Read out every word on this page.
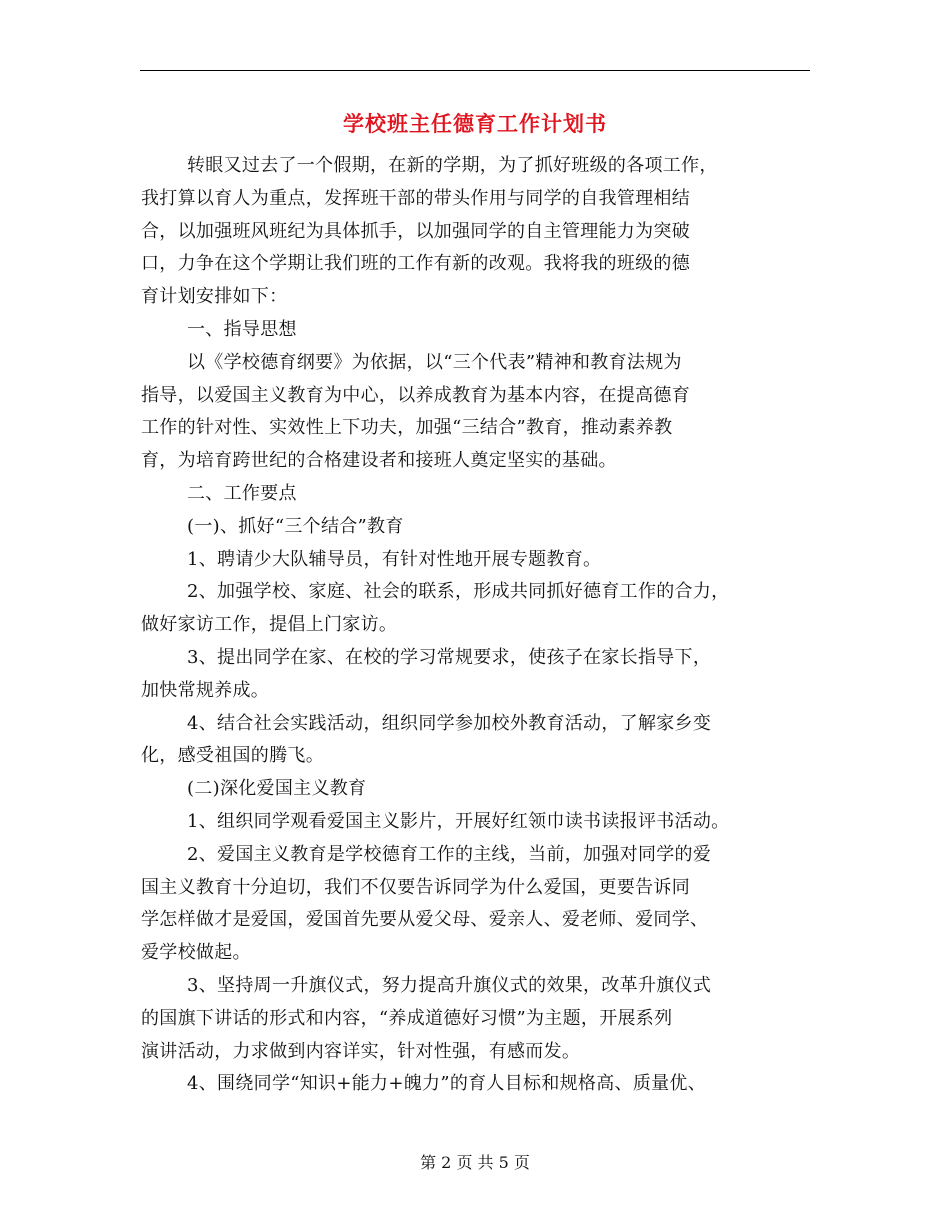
学校班主任德育工作计划书
转眼又过去了一个假期，在新的学期，为了抓好班级的各项工作，
我打算以育人为重点，发挥班干部的带头作用与同学的自我管理相结
合，以加强班风班纪为具体抓手，以加强同学的自主管理能力为突破
口，力争在这个学期让我们班的工作有新的改观。我将我的班级的德
育计划安排如下：
一、指导思想
以《学校德育纲要》为依据，以“三个代表”精神和教育法规为
指导，以爱国主义教育为中心，以养成教育为基本内容，在提高德育
工作的针对性、实效性上下功夫，加强“三结合”教育，推动素养教
育，为培育跨世纪的合格建设者和接班人奠定坚实的基础。
二、工作要点
(一)、抓好“三个结合”教育
1、聘请少大队辅导员，有针对性地开展专题教育。
2、加强学校、家庭、社会的联系，形成共同抓好德育工作的合力，
做好家访工作，提倡上门家访。
3、提出同学在家、在校的学习常规要求，使孩子在家长指导下，
加快常规养成。
4、结合社会实践活动，组织同学参加校外教育活动，了解家乡变
化，感受祖国的腾飞。
(二)深化爱国主义教育
1、组织同学观看爱国主义影片，开展好红领巾读书读报评书活动。
2、爱国主义教育是学校德育工作的主线，当前，加强对同学的爱
国主义教育十分迫切，我们不仅要告诉同学为什么爱国，更要告诉同
学怎样做才是爱国，爱国首先要从爱父母、爱亲人、爱老师、爱同学、
爱学校做起。
3、坚持周一升旗仪式，努力提高升旗仪式的效果，改革升旗仪式
的国旗下讲话的形式和内容，“养成道德好习惯”为主题，开展系列
演讲活动，力求做到内容详实，针对性强，有感而发。
4、围绕同学“知识+能力+魄力”的育人目标和规格高、质量优、
第 2 页 共 5 页
